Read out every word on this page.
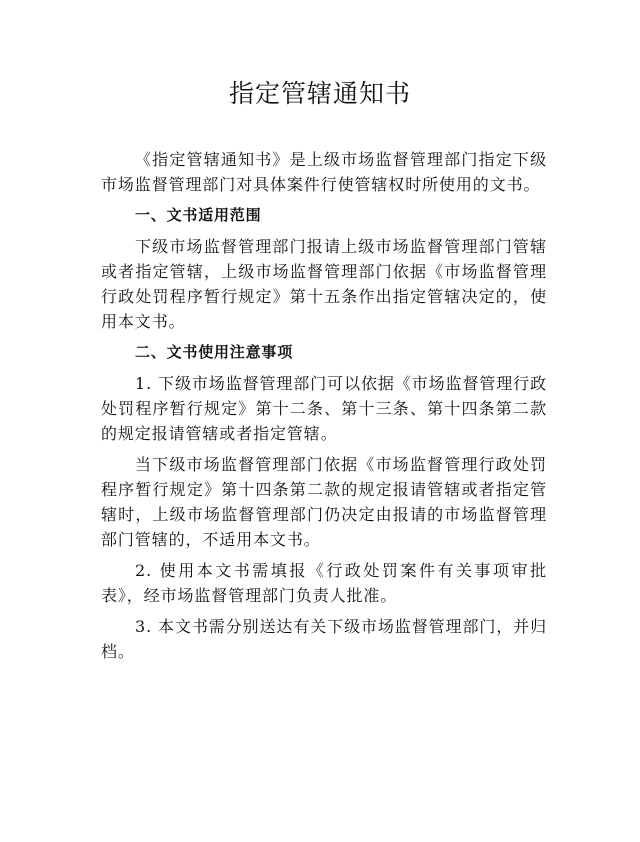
指定管辖通知书

《指定管辖通知书》是上级市场监督管理部门指定下级市场监督管理部门对具体案件行使管辖权时所使用的文书。

一、文书适用范围

下级市场监督管理部门报请上级市场监督管理部门管辖或者指定管辖，上级市场监督管理部门依据《市场监督管理行政处罚程序暂行规定》第十五条作出指定管辖决定的，使用本文书。

二、文书使用注意事项

1. 下级市场监督管理部门可以依据《市场监督管理行政处罚程序暂行规定》第十二条、第十三条、第十四条第二款的规定报请管辖或者指定管辖。

当下级市场监督管理部门依据《市场监督管理行政处罚程序暂行规定》第十四条第二款的规定报请管辖或者指定管辖时，上级市场监督管理部门仍决定由报请的市场监督管理部门管辖的，不适用本文书。

2. 使用本文书需填报《行政处罚案件有关事项审批表》，经市场监督管理部门负责人批准。

3. 本文书需分别送达有关下级市场监督管理部门，并归档。
